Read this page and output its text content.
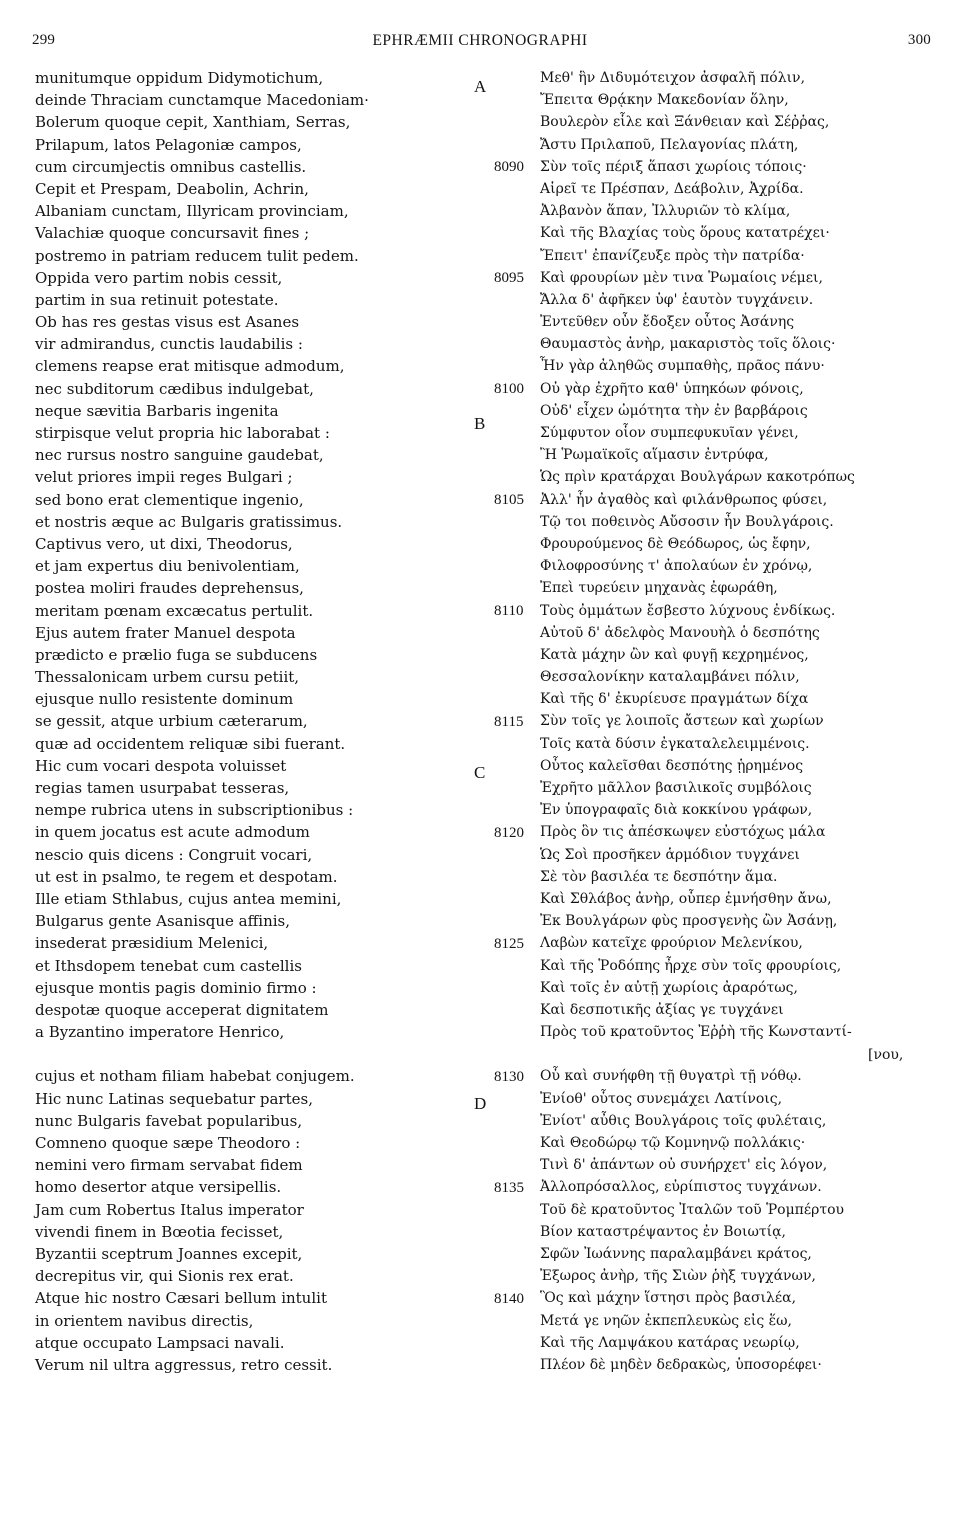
299	EPHRÆMII CHRONOGRAPHI	300
munitumque oppidum Didymotichum,
deinde Thraciam cunctamque Macedoniam·
Bolerum quoque cepit, Xanthiam, Serras,
Prilapum, latos Pelagoniæ campos,
cum circumjectis omnibus castellis.
Cepit et Prespam, Deabolin, Achrin,
Albaniam cunctam, Illyricam provinciam,
Valachiæ quoque concursavit fines ;
postremo in patriam reducem tulit pedem.
Oppida vero partim nobis cessit,
partim in sua retinuit potestate.
Ob has res gestas visus est Asanes
vir admirandus, cunctis laudabilis :
clemens reapse erat mitisque admodum,
nec subditorum cædibus indulgebat,
neque sævitia Barbaris ingenita
stirpisque velut propria hic laborabat :
nec rursus nostro sanguine gaudebat,
velut priores impii reges Bulgari ;
sed bono erat clementique ingenio,
et nostris æque ac Bulgaris gratissimus.
Captivus vero, ut dixi, Theodorus,
et jam expertus diu benivolentiam,
postea moliri fraudes deprehensus,
meritam pœnam excæcatus pertulit.
Ejus autem frater Manuel despota
prædicto e prælio fuga se subducens
Thessalonicam urbem cursu petiit,
ejusque nullo resistente dominum
se gessit, atque urbium cæterarum,
quæ ad occidentem reliquæ sibi fuerant.
Hic cum vocari despota voluisset
regias tamen usurpabat tesseras,
nempe rubrica utens in subscriptionibus :
in quem jocatus est acute admodum
nescio quis dicens : Congruit vocari,
ut est in psalmo, te regem et despotam.
Ille etiam Sthlabus, cujus antea memini,
Bulgarus gente Asanisque affinis,
insederat præsidium Melenici,
et Ithsdopem tenebat cum castellis
ejusque montis pagis dominio firmo :
despotæ quoque acceperat dignitatem
a Byzantino imperatore Henrico,
cujus et notham filiam habebat conjugem.
Hic nunc Latinas sequebatur partes,
nunc Bulgaris favebat popularibus,
Comneno quoque sæpe Theodoro :
nemini vero firmam servabat fidem
homo desertor atque versipellis.
Jam cum Robertus Italus imperator
vivendi finem in Bœotia fecisset,
Byzantii sceptrum Joannes excepit,
decrepitus vir, qui Sionis rex erat.
Atque hic nostro Cæsari bellum intulit
in orientem navibus directis,
atque occupato Lampsaci navali.
Verum nil ultra aggressus, retro cessit.
Μεθ' ἣν Διδυμότειχον ἀσφαλῆ πόλιν,
Ἔπειτα Θρᾴκην Μακεδονίαν ὅλην,
Βουλερὸν εἷλε καὶ Ξάνθειαν καὶ Σέῤῥας,
Ἄστυ Πριλαποῦ, Πελαγονίας πλάτη,
Σὺν τοῖς πέριξ ἅπασι χωρίοις τόποις·
Αἱρεῖ τε Πρέσπαν, Δεάβολιν, Ἀχρίδα.
Ἀλβανὸν ἅπαν, Ἰλλυριῶν τὸ κλίμα,
Καὶ τῆς Βλαχίας τοὺς ὅρους κατατρέχει·
Ἔπειτ' ἐπανίζευξε πρὸς τὴν πατρίδα·
Καὶ φρουρίων μὲν τινα Ῥωμαίοις νέμει,
Ἄλλα δ' ἀφῆκεν ὑφ' ἑαυτὸν τυγχάνειν.
Ἐντεῦθεν οὖν ἔδοξεν οὗτος Ἀσάνης
Θαυμαστὸς ἀνὴρ, μακαριστὸς τοῖς ὅλοις·
Ἦν γὰρ ἀληθῶς συμπαθὴς, πρᾶος πάνυ·
Οὐ γὰρ ἐχρῆτο καθ' ὑπηκόων φόνοις,
Οὐδ' εἶχεν ὠμότητα τὴν ἐν βαρβάροις
Σύμφυτον οἷον συμπεφυκυῖαν γένει,
Ἢ Ῥωμαϊκοῖς αἵμασιν ἐντρύφα,
Ὡς πρὶν κρατάρχαι Βουλγάρων κακοτρόπως
Ἀλλ' ἦν ἀγαθὸς καὶ φιλάνθρωπος φύσει,
Τῷ τοι ποθεινὸς Αὔσοσιν ἦν Βουλγάροις.
Φρουρούμενος δὲ Θεόδωρος, ὡς ἔφην,
Φιλοφροσύνης τ' ἀπολαύων ἐν χρόνῳ,
Ἐπεὶ τυρεύειν μηχανὰς ἐφωράθη,
Τοὺς ὀμμάτων ἔσβεστο λύχνους ἐνδίκως.
Αὐτοῦ δ' ἀδελφὸς Μανουὴλ ὁ δεσπότης
Κατὰ μάχην ὢν καὶ φυγῇ κεχρημένος,
Θεσσαλονίκην καταλαμβάνει πόλιν,
Καὶ τῆς δ' ἐκυρίευσε πραγμάτων δίχα
Σὺν τοῖς γε λοιποῖς ἄστεων καὶ χωρίων
Τοῖς κατὰ δύσιν ἐγκαταλελειμμένοις.
Οὗτος καλεῖσθαι δεσπότης ᾑρημένος
Ἐχρῆτο μᾶλλον βασιλικοῖς συμβόλοις
Ἐν ὑπογραφαῖς διὰ κοκκίνου γράφων,
Πρὸς ὃν τις ἀπέσκωψεν εὐστόχως μάλα
Ὡς Σοὶ προσῆκεν ἁρμόδιον τυγχάνει
Σὲ τὸν βασιλέα τε δεσπότην ἅμα.
Καὶ Σθλάβος ἀνὴρ, οὗπερ ἐμνήσθην ἄνω,
Ἐκ Βουλγάρων φὺς προσγενὴς ὢν Ἀσάνῃ,
Λαβὼν κατεῖχε φρούριον Μελενίκου,
Καὶ τῆς Ῥοδόπης ἦρχε σὺν τοῖς φρουρίοις,
Καὶ τοῖς ἐν αὐτῇ χωρίοις ἀραρότως,
Καὶ δεσποτικῆς ἀξίας γε τυγχάνει
Πρὸς τοῦ κρατοῦντος Ἐῤῥὴ τῆς Κωνσταντί-
Οὗ καὶ συνήφθη τῇ θυγατρὶ τῇ νόθῳ.
Ἐνίοθ' οὗτος συνεμάχει Λατίνοις,
Ἐνίοτ' αὖθις Βουλγάροις τοῖς φυλέταις,
Καὶ Θεοδώρῳ τῷ Κομνηνῷ πολλάκις·
Τινὶ δ' ἁπάντων οὐ συνήρχετ' εἰς λόγον,
Ἀλλοπρόσαλλος, εὐρίπιστος τυγχάνων.
Τοῦ δὲ κρατοῦντος Ἰταλῶν τοῦ Ῥομπέρτου
Βίον καταστρέψαντος ἐν Βοιωτίᾳ,
Σφῶν Ἰωάννης παραλαμβάνει κράτος,
Ἐξωρος ἀνὴρ, τῆς Σιὼν ῥὴξ τυγχάνων,
Ὃς καὶ μάχην ἵστησι πρὸς βασιλέα,
Μετά γε νηῶν ἐκπεπλευκὼς εἰς ἕω,
Καὶ τῆς Λαμψάκου κατάρας νεωρίῳ,
Πλέον δὲ μηδὲν δεδρακὼς, ὑποσορέφει·
8090
8095
8100
8105
8110
8115
8120
8125
8130
8135
8140
A
B
C
D
[νου,
